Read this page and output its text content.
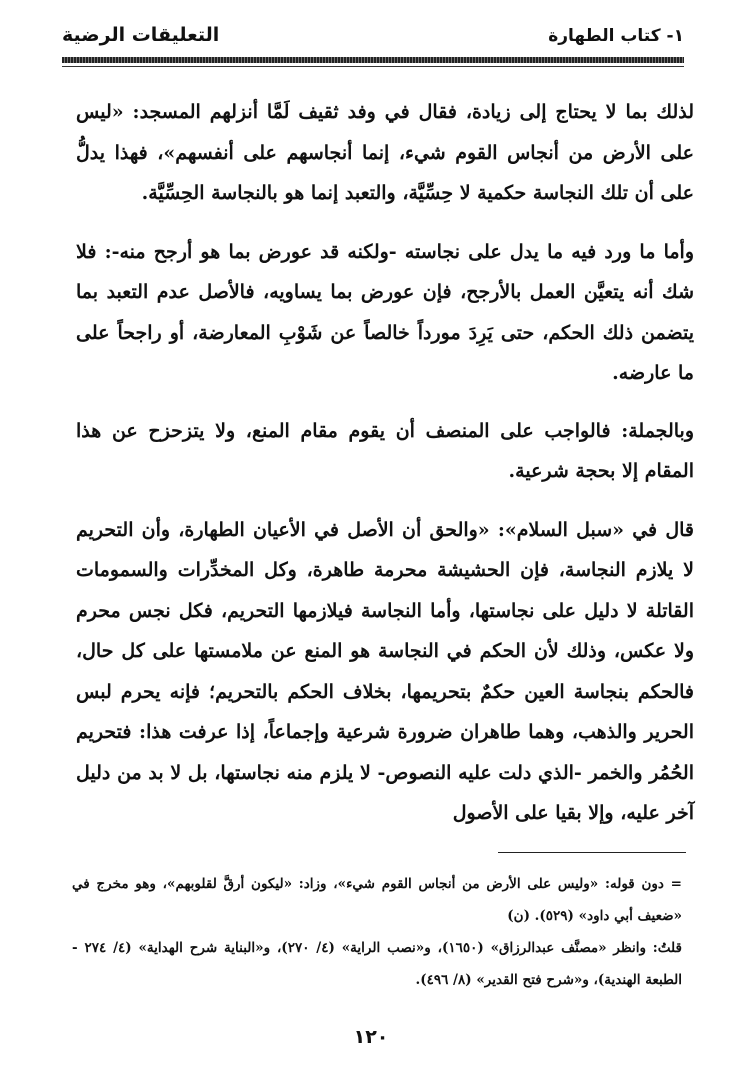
١- كتاب الطهارة
التعليقات الرضية

لذلك بما لا يحتاج إلى زيادة، فقال في وفد ثقيف لَمَّا أنزلهم المسجد: «ليس على الأرض من أنجاس القوم شيء، إنما أنجاسهم على أنفسهم»، فهذا يدلُّ على أن تلك النجاسة حكمية لا حِسِّيَّة، والتعبد إنما هو بالنجاسة الحِسِّيَّة.

وأما ما ورد فيه ما يدل على نجاسته -ولكنه قد عورض بما هو أرجح منه-: فلا شك أنه يتعيَّن العمل بالأرجح، فإن عورض بما يساويه، فالأصل عدم التعبد بما يتضمن ذلك الحكم، حتى يَرِدَ مورداً خالصاً عن شَوْبِ المعارضة، أو راجحاً على ما عارضه.

وبالجملة: فالواجب على المنصف أن يقوم مقام المنع، ولا يتزحزح عن هذا المقام إلا بحجة شرعية.

قال في «سبل السلام»: «والحق أن الأصل في الأعيان الطهارة، وأن التحريم لا يلازم النجاسة، فإن الحشيشة محرمة طاهرة، وكل المخدِّرات والسمومات القاتلة لا دليل على نجاستها، وأما النجاسة فيلازمها التحريم، فكل نجس محرم ولا عكس، وذلك لأن الحكم في النجاسة هو المنع عن ملامستها على كل حال، فالحكم بنجاسة العين حكمٌ بتحريمها، بخلاف الحكم بالتحريم؛ فإنه يحرم لبس الحرير والذهب، وهما طاهران ضرورة شرعية وإجماعاً، إذا عرفت هذا: فتحريم الحُمُر والخمر -الذي دلت عليه النصوص- لا يلزم منه نجاستها، بل لا بد من دليل آخر عليه، وإلا بقيا على الأصول

= دون قوله: «وليس على الأرض من أنجاس القوم شيء»، وزاد: «ليكون أرقَّ لقلوبهم»، وهو مخرج في «ضعيف أبي داود» (٥٢٩). (ن)

قلتُ: وانظر «مصنَّف عبدالرزاق» (١٦٥٠)، و«نصب الراية» (٤/ ٢٧٠)، و«البناية شرح الهداية» (٤/ ٢٧٤ - الطبعة الهندية)، و«شرح فتح القدير» (٨/ ٤٩٦).

١٢٠
